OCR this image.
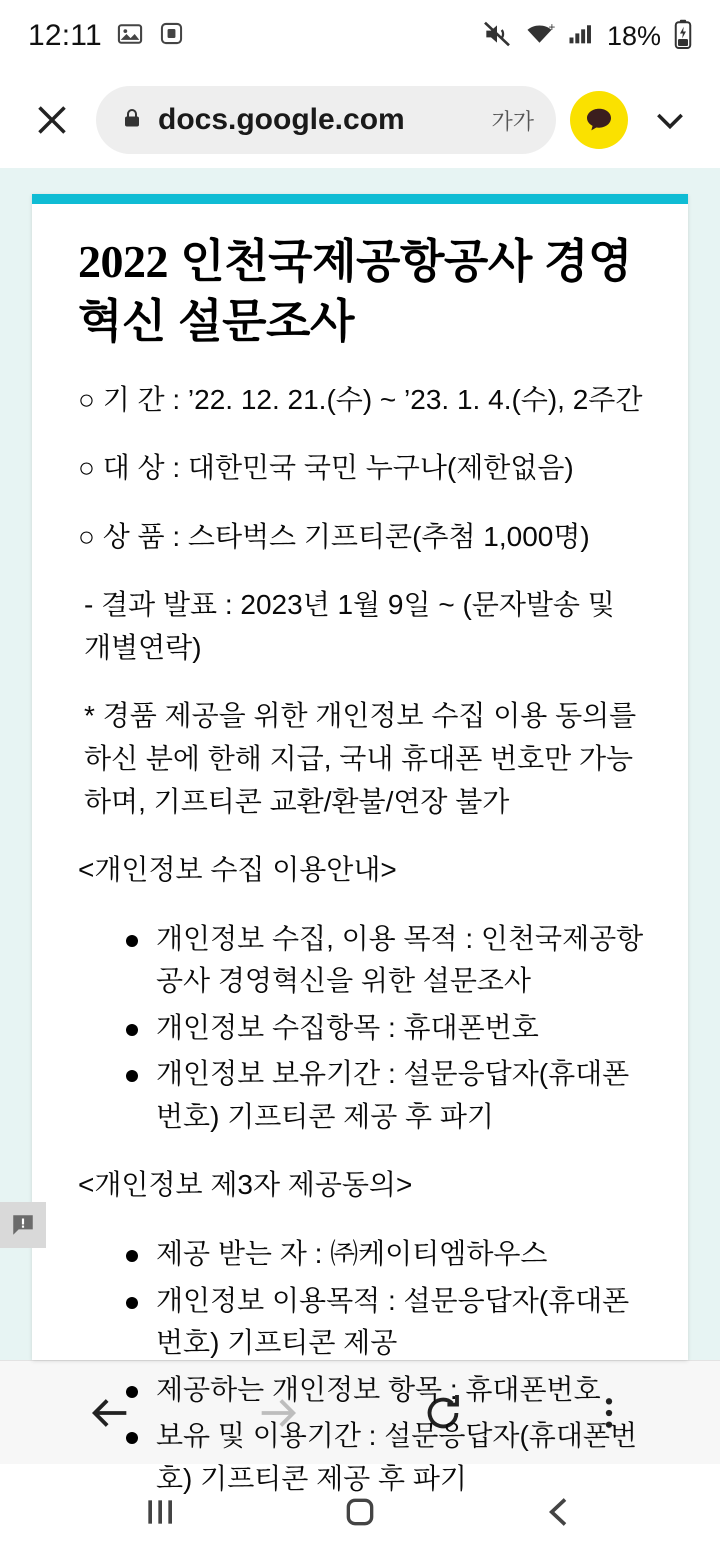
12:11	+ 18%
docs.google.com	가가
2022 인천국제공항공사 경영혁신 설문조사

○ 기 간 : ’22. 12. 21.(수) ~ ’23. 1. 4.(수), 2주간

○ 대 상 : 대한민국 국민 누구나(제한없음)

○ 상 품 : 스타벅스 기프티콘(추첨 1,000명)

- 결과 발표 : 2023년 1월 9일 ~ (문자발송 및 개별연락)

* 경품 제공을 위한 개인정보 수집 이용 동의를 하신 분에 한해 지급, 국내 휴대폰 번호만 가능하며, 기프티콘 교환/환불/연장 불가

<개인정보 수집 이용안내>

개인정보 수집, 이용 목적 : 인천국제공항공사 경영혁신을 위한 설문조사
개인정보 수집항목 : 휴대폰번호
개인정보 보유기간 : 설문응답자(휴대폰번호) 기프티콘 제공 후 파기

<개인정보 제3자 제공동의>

제공 받는 자 : ㈜케이티엠하우스
개인정보 이용목적 : 설문응답자(휴대폰번호) 기프티콘 제공
제공하는 개인정보 항목 : 휴대폰번호
보유 및 이용기간 : 설문응답자(휴대폰번호) 기프티콘 제공 후 파기
